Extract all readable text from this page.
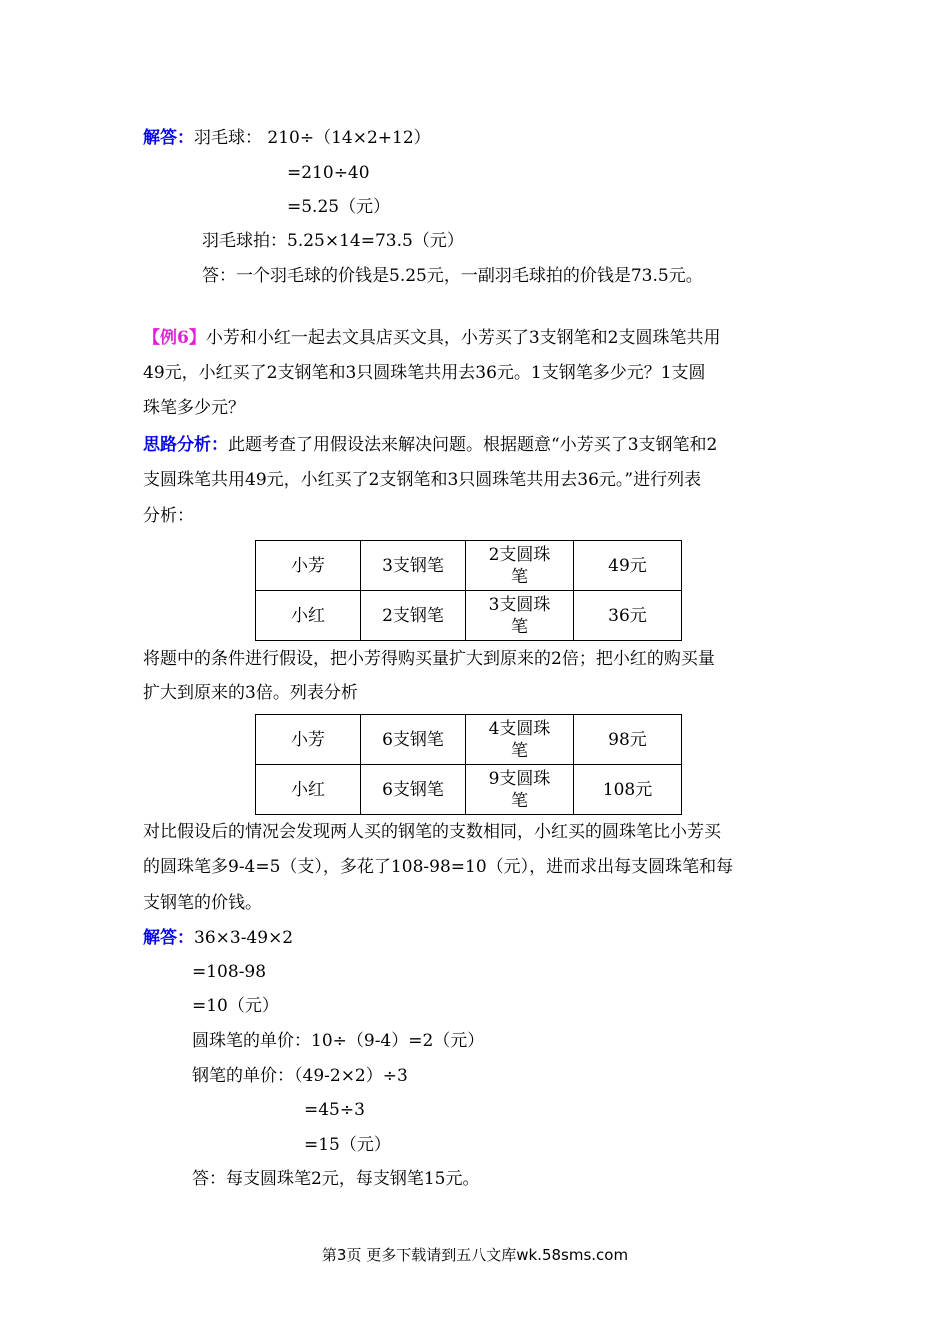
解答：羽毛球： 210÷（14×2+12）
=210÷40
=5.25（元）
羽毛球拍：5.25×14=73.5（元）
答：一个羽毛球的价钱是5.25元，一副羽毛球拍的价钱是73.5元。
【例6】小芳和小红一起去文具店买文具，小芳买了3支钢笔和2支圆珠笔共用
49元，小红买了2支钢笔和3只圆珠笔共用去36元。1支钢笔多少元？1支圆
珠笔多少元？
思路分析：此题考查了用假设法来解决问题。根据题意“小芳买了3支钢笔和2
支圆珠笔共用49元，小红买了2支钢笔和3只圆珠笔共用去36元。”进行列表
分析：
小芳	3支钢笔	2支圆珠笔	49元
小红	2支钢笔	3支圆珠笔	36元
将题中的条件进行假设，把小芳得购买量扩大到原来的2倍；把小红的购买量
扩大到原来的3倍。列表分析
小芳	6支钢笔	4支圆珠笔	98元
小红	6支钢笔	9支圆珠笔	108元
对比假设后的情况会发现两人买的钢笔的支数相同，小红买的圆珠笔比小芳买
的圆珠笔多9-4=5（支），多花了108-98=10（元），进而求出每支圆珠笔和每
支钢笔的价钱。
解答：36×3-49×2
=108-98
=10（元）
圆珠笔的单价：10÷（9-4）=2（元）
钢笔的单价：（49-2×2）÷3
=45÷3
=15（元）
答：每支圆珠笔2元，每支钢笔15元。
第3页 更多下载请到五八文库wk.58sms.com
